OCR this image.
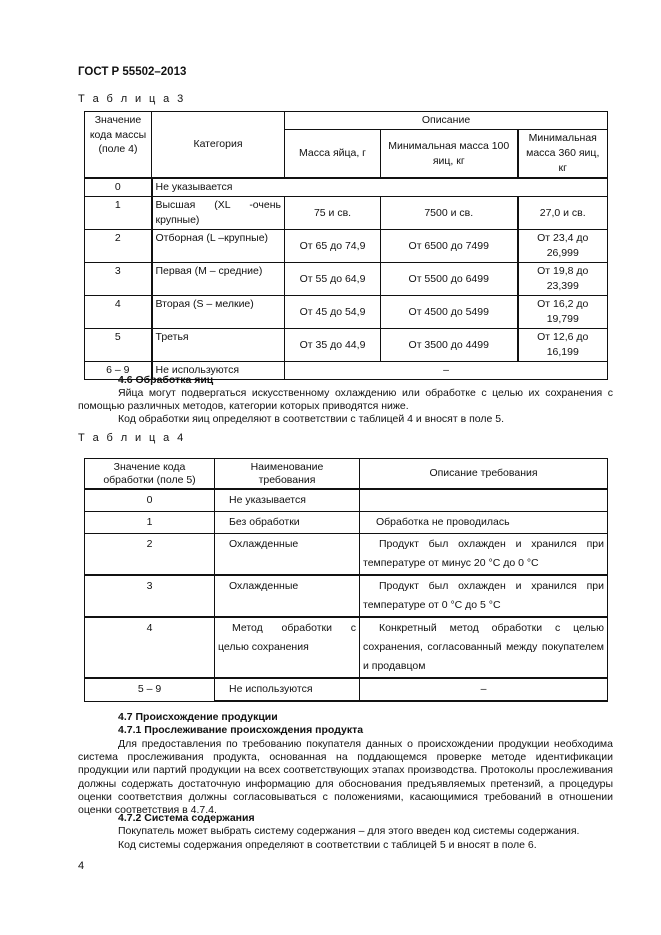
ГОСТ Р 55502–2013
Т а б л и ц а 3
Значение кода массы (поле 4)	Категория	Описание		
		Масса яйца, г	Минимальная масса 100 яиц, кг	Минимальная масса 360 яиц, кг
0	Не указывается			
1	Высшая (XL -очень крупные)	75 и св.	7500 и св.	27,0 и св.
2	Отборная (L –крупные)	От 65 до 74,9	От 6500 до 7499	От 23,4 до 26,999
3	Первая (М – средние)	От 55 до 64,9	От 5500 до 6499	От 19,8 до 23,399
4	Вторая (S – мелкие)	От 45 до 54,9	От 4500 до 5499	От 16,2 до 19,799
5	Третья	От 35 до 44,9	От 3500 до 4499	От 12,6 до 16,199
6 – 9	Не используются	–		
4.6 Обработка яиц
Яйца могут подвергаться искусственному охлаждению или обработке с целью их сохранения с помощью различных методов, категории которых приводятся ниже.
Код обработки яиц определяют в соответствии с таблицей 4 и вносят в поле 5.
Т а б л и ц а 4
Значение кода обработки (поле 5)	Наименование требования	Описание требования
0	Не указывается	
1	Без обработки	Обработка не проводилась
2	Охлажденные	Продукт был охлажден и хранился при температуре от минус 20 °С до 0 °С
3	Охлажденные	Продукт был охлажден и хранился при температуре от 0 °С до 5 °С
4	Метод обработки с целью сохранения	Конкретный метод обработки с целью сохранения, согласованный между покупателем и продавцом
5 – 9	Не используются	–
4.7 Происхождение продукции
4.7.1 Прослеживание происхождения продукта
Для предоставления по требованию покупателя данных о происхождении продукции необходима система прослеживания продукта, основанная на поддающемся проверке методе идентификации продукции или партий продукции на всех соответствующих этапах производства. Протоколы прослеживания должны содержать достаточную информацию для обоснования предъявляемых претензий, а процедуры оценки соответствия должны согласовываться с положениями, касающимися требований в отношении оценки соответствия в 4.7.4.
4.7.2 Система содержания
Покупатель может выбрать систему содержания – для этого введен код системы содержания.
Код системы содержания определяют в соответствии с таблицей 5 и вносят в поле 6.
4
